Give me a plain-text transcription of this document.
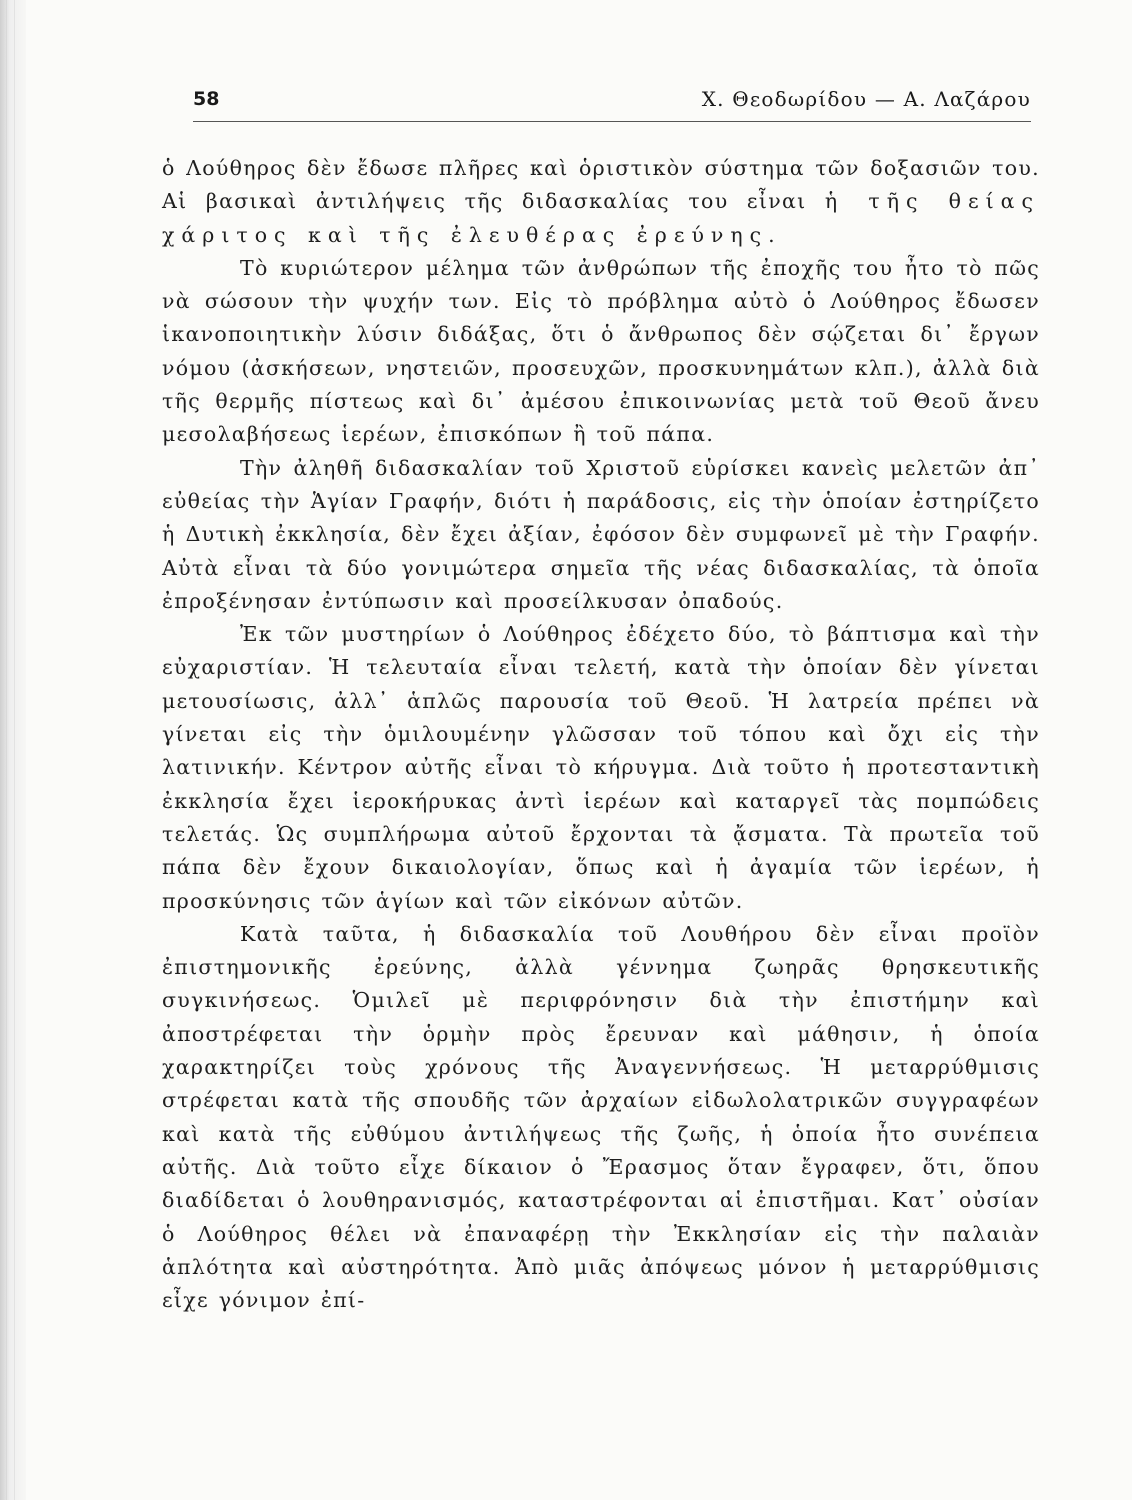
58	Χ. Θεοδωρίδου — Α. Λαζάρου

ὁ Λούθηρος δὲν ἔδωσε πλῆρες καὶ ὁριστικὸν σύστημα τῶν δοξασιῶν του. Αἱ βασικαὶ ἀντιλήψεις τῆς διδασκαλίας του εἶναι ἡ τῆς θείας χάριτος καὶ τῆς ἐλευθέρας ἐρεύνης.

Τὸ κυριώτερον μέλημα τῶν ἀνθρώπων τῆς ἐποχῆς του ἦτο τὸ πῶς νὰ σώσουν τὴν ψυχήν των. Εἰς τὸ πρόβλημα αὐτὸ ὁ Λούθηρος ἔδωσεν ἱκανοποιητικὴν λύσιν διδάξας, ὅτι ὁ ἄνθρωπος δὲν σῴζεται δι᾽ ἔργων νόμου (ἀσκήσεων, νηστειῶν, προσευχῶν, προσκυνημάτων κλπ.), ἀλλὰ διὰ τῆς θερμῆς πίστεως καὶ δι᾽ ἀμέσου ἐπικοινωνίας μετὰ τοῦ Θεοῦ ἄνευ μεσολαβήσεως ἱερέων, ἐπισκόπων ἢ τοῦ πάπα.

Τὴν ἀληθῆ διδασκαλίαν τοῦ Χριστοῦ εὑρίσκει κανεὶς μελετῶν ἀπ᾽ εὐθείας τὴν Ἁγίαν Γραφήν, διότι ἡ παράδοσις, εἰς τὴν ὁποίαν ἐστηρίζετο ἡ Δυτικὴ ἐκκλησία, δὲν ἔχει ἀξίαν, ἐφόσον δὲν συμφωνεῖ μὲ τὴν Γραφήν. Αὐτὰ εἶναι τὰ δύο γονιμώτερα σημεῖα τῆς νέας διδασκαλίας, τὰ ὁποῖα ἐπροξένησαν ἐντύπωσιν καὶ προσείλκυσαν ὀπαδούς.

Ἐκ τῶν μυστηρίων ὁ Λούθηρος ἐδέχετο δύο, τὸ βάπτισμα καὶ τὴν εὐχαριστίαν. Ἡ τελευταία εἶναι τελετή, κατὰ τὴν ὁποίαν δὲν γίνεται μετουσίωσις, ἀλλ᾽ ἁπλῶς παρουσία τοῦ Θεοῦ. Ἡ λατρεία πρέπει νὰ γίνεται εἰς τὴν ὁμιλουμένην γλῶσσαν τοῦ τόπου καὶ ὄχι εἰς τὴν λατινικήν. Κέντρον αὐτῆς εἶναι τὸ κήρυγμα. Διὰ τοῦτο ἡ προτεσταντικὴ ἐκκλησία ἔχει ἱεροκήρυκας ἀντὶ ἱερέων καὶ καταργεῖ τὰς πομπώδεις τελετάς. Ὡς συμπλήρωμα αὐτοῦ ἔρχονται τὰ ᾄσματα. Τὰ πρωτεῖα τοῦ πάπα δὲν ἔχουν δικαιολογίαν, ὅπως καὶ ἡ ἀγαμία τῶν ἱερέων, ἡ προσκύνησις τῶν ἁγίων καὶ τῶν εἰκόνων αὐτῶν.

Κατὰ ταῦτα, ἡ διδασκαλία τοῦ Λουθήρου δὲν εἶναι προϊὸν ἐπιστημονικῆς ἐρεύνης, ἀλλὰ γέννημα ζωηρᾶς θρησκευτικῆς συγκινήσεως. Ὁμιλεῖ μὲ περιφρόνησιν διὰ τὴν ἐπιστήμην καὶ ἀποστρέφεται τὴν ὁρμὴν πρὸς ἔρευναν καὶ μάθησιν, ἡ ὁποία χαρακτηρίζει τοὺς χρόνους τῆς Ἀναγεννήσεως. Ἡ μεταρρύθμισις στρέφεται κατὰ τῆς σπουδῆς τῶν ἀρχαίων εἰδωλολατρικῶν συγγραφέων καὶ κατὰ τῆς εὐθύμου ἀντιλήψεως τῆς ζωῆς, ἡ ὁποία ἦτο συνέπεια αὐτῆς. Διὰ τοῦτο εἶχε δίκαιον ὁ Ἔρασμος ὅταν ἔγραφεν, ὅτι, ὅπου διαδίδεται ὁ λουθηρανισμός, καταστρέφονται αἱ ἐπιστῆμαι. Κατ᾽ οὐσίαν ὁ Λούθηρος θέλει νὰ ἐπαναφέρῃ τὴν Ἐκκλησίαν εἰς τὴν παλαιὰν ἁπλότητα καὶ αὐστηρότητα. Ἀπὸ μιᾶς ἀπόψεως μόνον ἡ μεταρρύθμισις εἶχε γόνιμον ἐπί-
